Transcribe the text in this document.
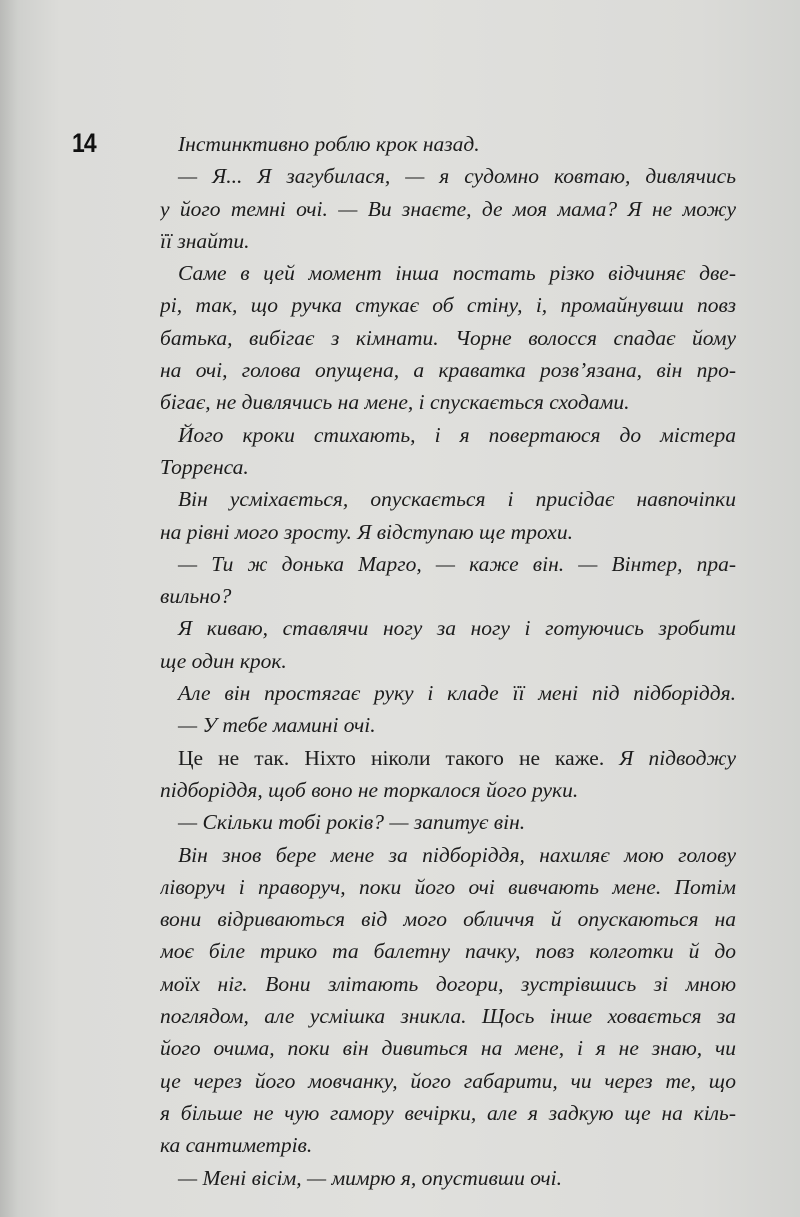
14	Інстинктивно роблю крок назад.
— Я... Я загубилася, — я судомно ковтаю, дивлячись
у його темні очі. — Ви знаєте, де моя мама? Я не можу
її знайти.
Саме в цей момент інша постать різко відчиняє две-
рі, так, що ручка стукає об стіну, і, промайнувши повз
батька, вибігає з кімнати. Чорне волосся спадає йому
на очі, голова опущена, а краватка розв’язана, він про-
бігає, не дивлячись на мене, і спускається сходами.
Його кроки стихають, і я повертаюся до містера
Торренса.
Він усміхається, опускається і присідає навпочіпки
на рівні мого зросту. Я відступаю ще трохи.
— Ти ж донька Марго, — каже він. — Вінтер, пра-
вильно?
Я киваю, ставлячи ногу за ногу і готуючись зробити
ще один крок.
Але він простягає руку і кладе її мені під підборіддя.
— У тебе мамині очі.
Це не так. Ніхто ніколи такого не каже. Я підводжу
підборіддя, щоб воно не торкалося його руки.
— Скільки тобі років? — запитує він.
Він знов бере мене за підборіддя, нахиляє мою голову
ліворуч і праворуч, поки його очі вивчають мене. Потім
вони відриваються від мого обличчя й опускаються на
моє біле трико та балетну пачку, повз колготки й до
моїх ніг. Вони злітають догори, зустрівшись зі мною
поглядом, але усмішка зникла. Щось інше ховається за
його очима, поки він дивиться на мене, і я не знаю, чи
це через його мовчанку, його габарити, чи через те, що
я більше не чую гамору вечірки, але я задкую ще на кіль-
ка сантиметрів.
— Мені вісім, — мимрю я, опустивши очі.
